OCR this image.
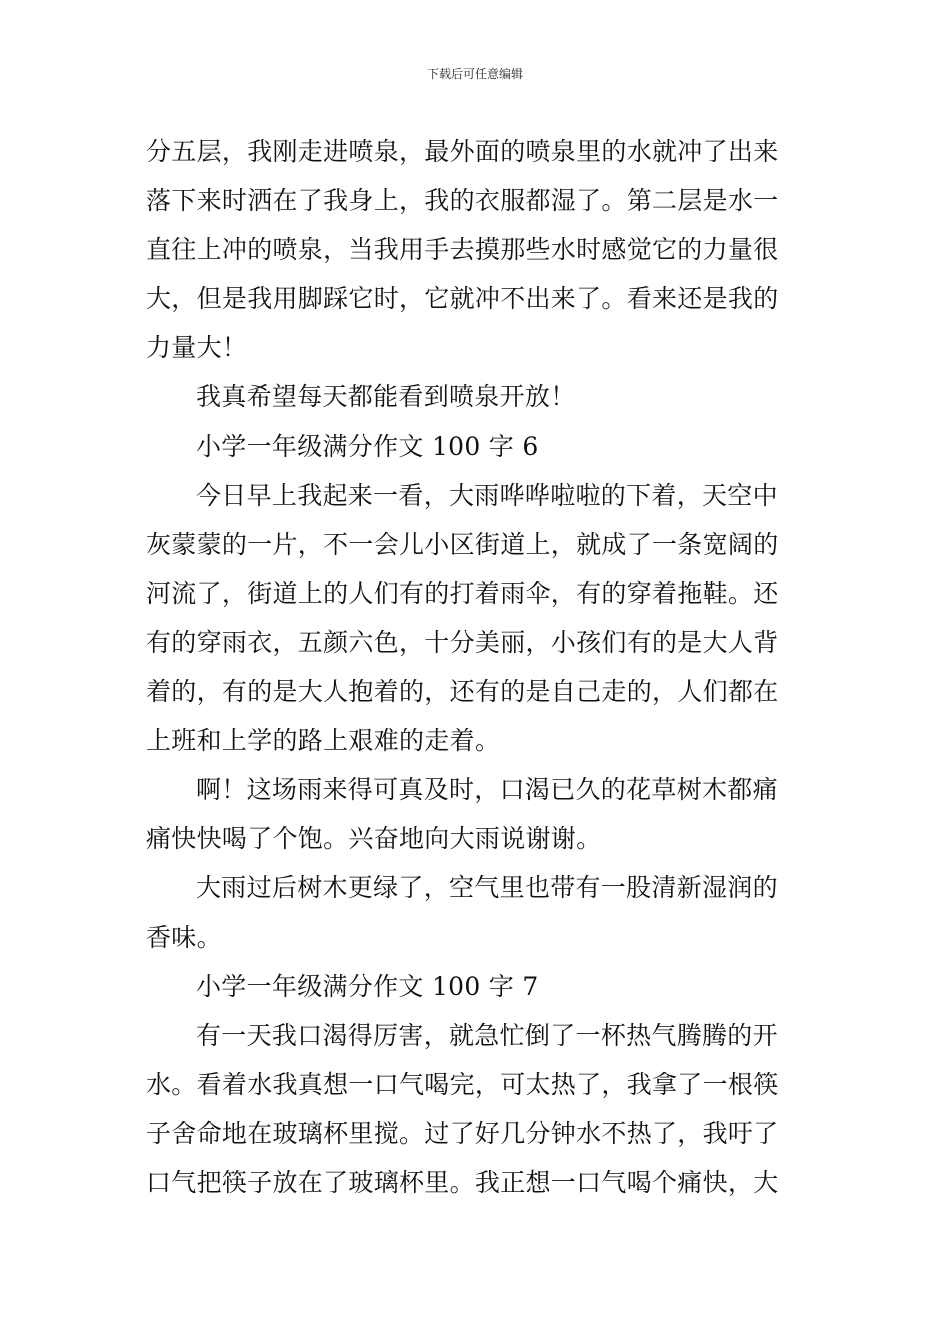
下载后可任意编辑
分五层，我刚走进喷泉，最外面的喷泉里的水就冲了出来
落下来时洒在了我身上，我的衣服都湿了。第二层是水一
直往上冲的喷泉，当我用手去摸那些水时感觉它的力量很
大，但是我用脚踩它时，它就冲不出来了。看来还是我的
力量大！
我真希望每天都能看到喷泉开放！
小学一年级满分作文 100 字 6
今日早上我起来一看，大雨哗哗啦啦的下着，天空中
灰蒙蒙的一片，不一会儿小区街道上，就成了一条宽阔的
河流了，街道上的人们有的打着雨伞，有的穿着拖鞋。还
有的穿雨衣，五颜六色，十分美丽，小孩们有的是大人背
着的，有的是大人抱着的，还有的是自己走的，人们都在
上班和上学的路上艰难的走着。
啊！这场雨来得可真及时，口渴已久的花草树木都痛
痛快快喝了个饱。兴奋地向大雨说谢谢。
大雨过后树木更绿了，空气里也带有一股清新湿润的
香味。
小学一年级满分作文 100 字 7
有一天我口渴得厉害，就急忙倒了一杯热气腾腾的开
水。看着水我真想一口气喝完，可太热了，我拿了一根筷
子舍命地在玻璃杯里搅。过了好几分钟水不热了，我吁了
口气把筷子放在了玻璃杯里。我正想一口气喝个痛快，大
